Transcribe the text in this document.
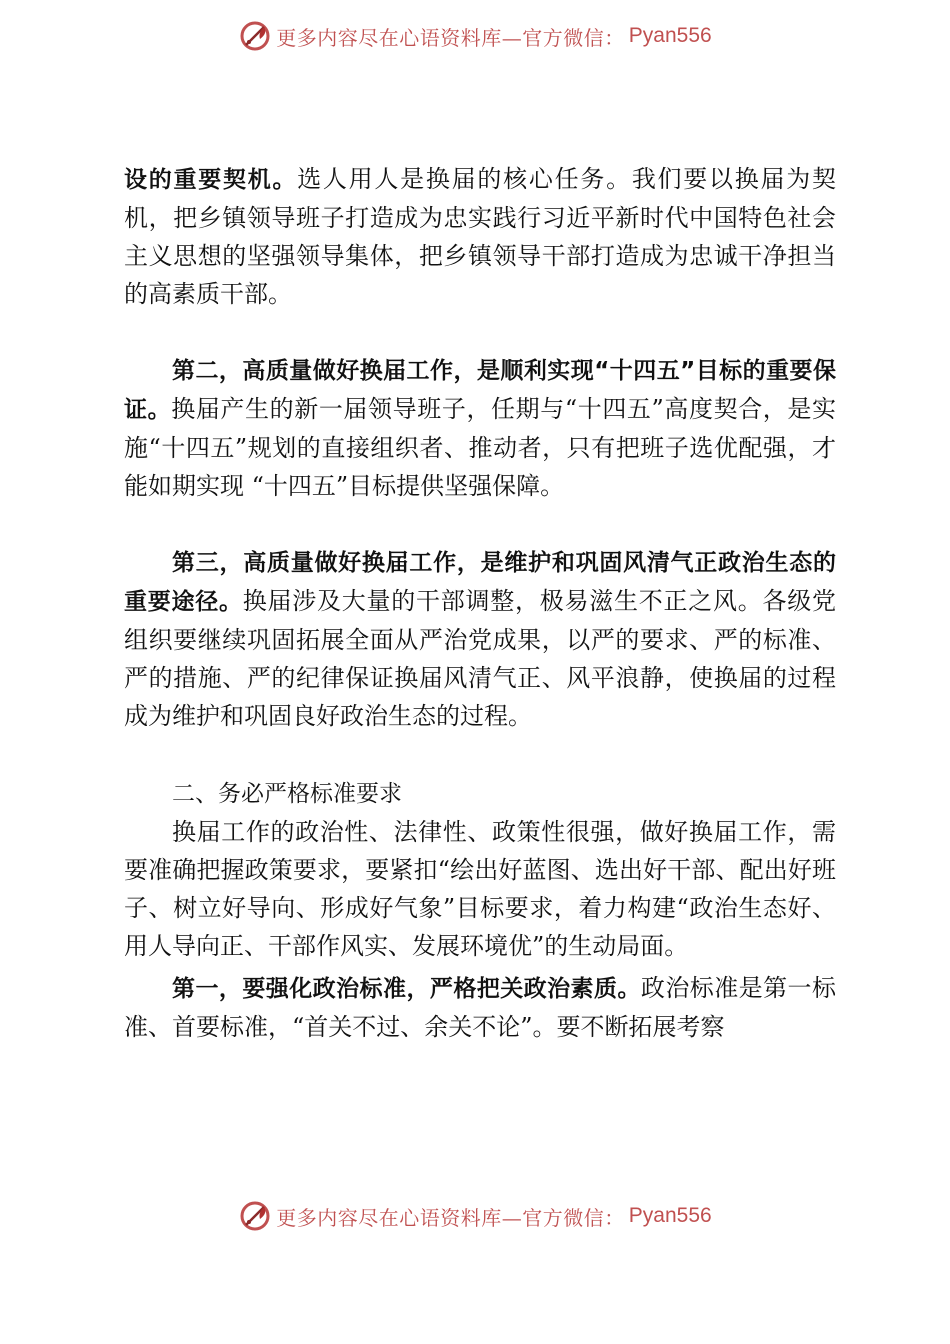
更多内容尽在心语资料库—官方微信： Pyan556

设的重要契机。选人用人是换届的核心任务。我们要以换届为契机，把乡镇领导班子打造成为忠实践行习近平新时代中国特色社会主义思想的坚强领导集体，把乡镇领导干部打造成为忠诚干净担当的高素质干部。

第二，高质量做好换届工作，是顺利实现“十四五”目标的重要保证。换届产生的新一届领导班子，任期与“十四五”高度契合，是实施“十四五”规划的直接组织者、推动者，只有把班子选优配强，才能如期实现 “十四五”目标提供坚强保障。

第三，高质量做好换届工作，是维护和巩固风清气正政治生态的重要途径。换届涉及大量的干部调整，极易滋生不正之风。各级党组织要继续巩固拓展全面从严治党成果，以严的要求、严的标准、严的措施、严的纪律保证换届风清气正、风平浪静，使换届的过程成为维护和巩固良好政治生态的过程。

二、务必严格标准要求

换届工作的政治性、法律性、政策性很强，做好换届工作，需要准确把握政策要求，要紧扣“绘出好蓝图、选出好干部、配出好班子、树立好导向、形成好气象”目标要求，着力构建“政治生态好、用人导向正、干部作风实、发展环境优”的生动局面。

第一，要强化政治标准，严格把关政治素质。政治标准是第一标准、首要标准，“首关不过、余关不论”。要不断拓展考察

更多内容尽在心语资料库—官方微信： Pyan556
